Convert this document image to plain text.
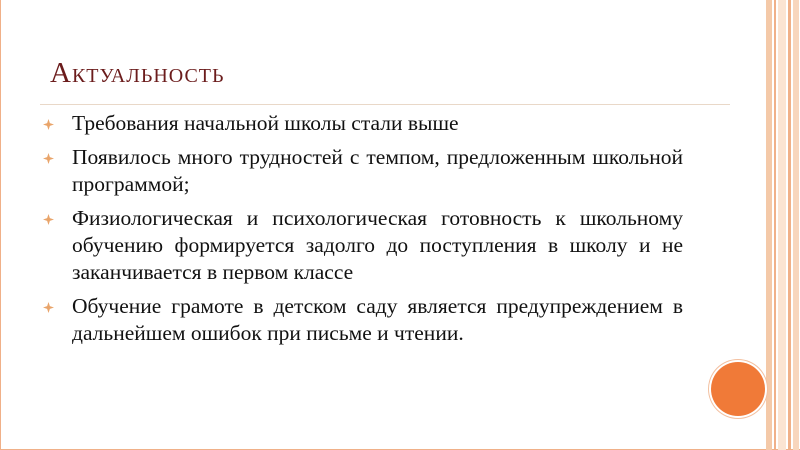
Актуальность
Требования начальной школы стали выше
Появилось много трудностей с темпом, предложенным школьной программой;
Физиологическая и психологическая готовность к школьному обучению формируется задолго до поступления в школу и не заканчивается в первом классе
Обучение грамоте в детском саду является предупреждением в дальнейшем ошибок при письме и чтении.
